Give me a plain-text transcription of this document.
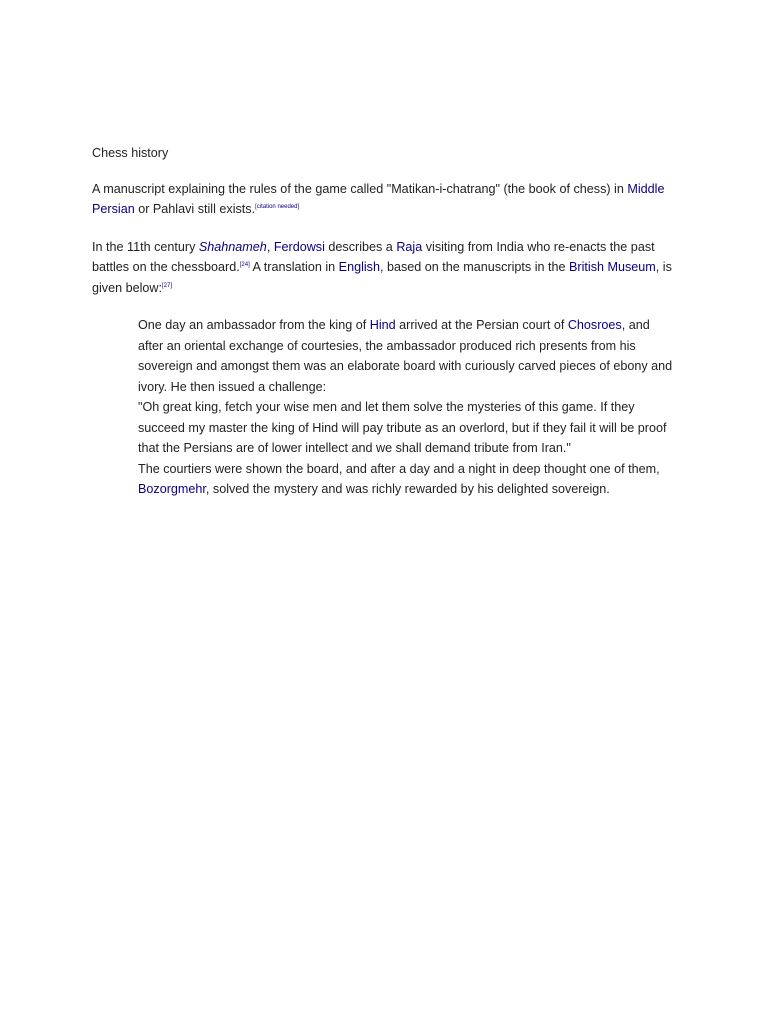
Chess history

A manuscript explaining the rules of the game called "Matikan-i-chatrang" (the book of chess) in Middle Persian or Pahlavi still exists.[citation needed]

In the 11th century Shahnameh, Ferdowsi describes a Raja visiting from India who re-enacts the past battles on the chessboard.[24] A translation in English, based on the manuscripts in the British Museum, is given below:[27]

One day an ambassador from the king of Hind arrived at the Persian court of Chosroes, and after an oriental exchange of courtesies, the ambassador produced rich presents from his sovereign and amongst them was an elaborate board with curiously carved pieces of ebony and ivory. He then issued a challenge:

"Oh great king, fetch your wise men and let them solve the mysteries of this game. If they succeed my master the king of Hind will pay tribute as an overlord, but if they fail it will be proof that the Persians are of lower intellect and we shall demand tribute from Iran."

The courtiers were shown the board, and after a day and a night in deep thought one of them, Bozorgmehr, solved the mystery and was richly rewarded by his delighted sovereign.
